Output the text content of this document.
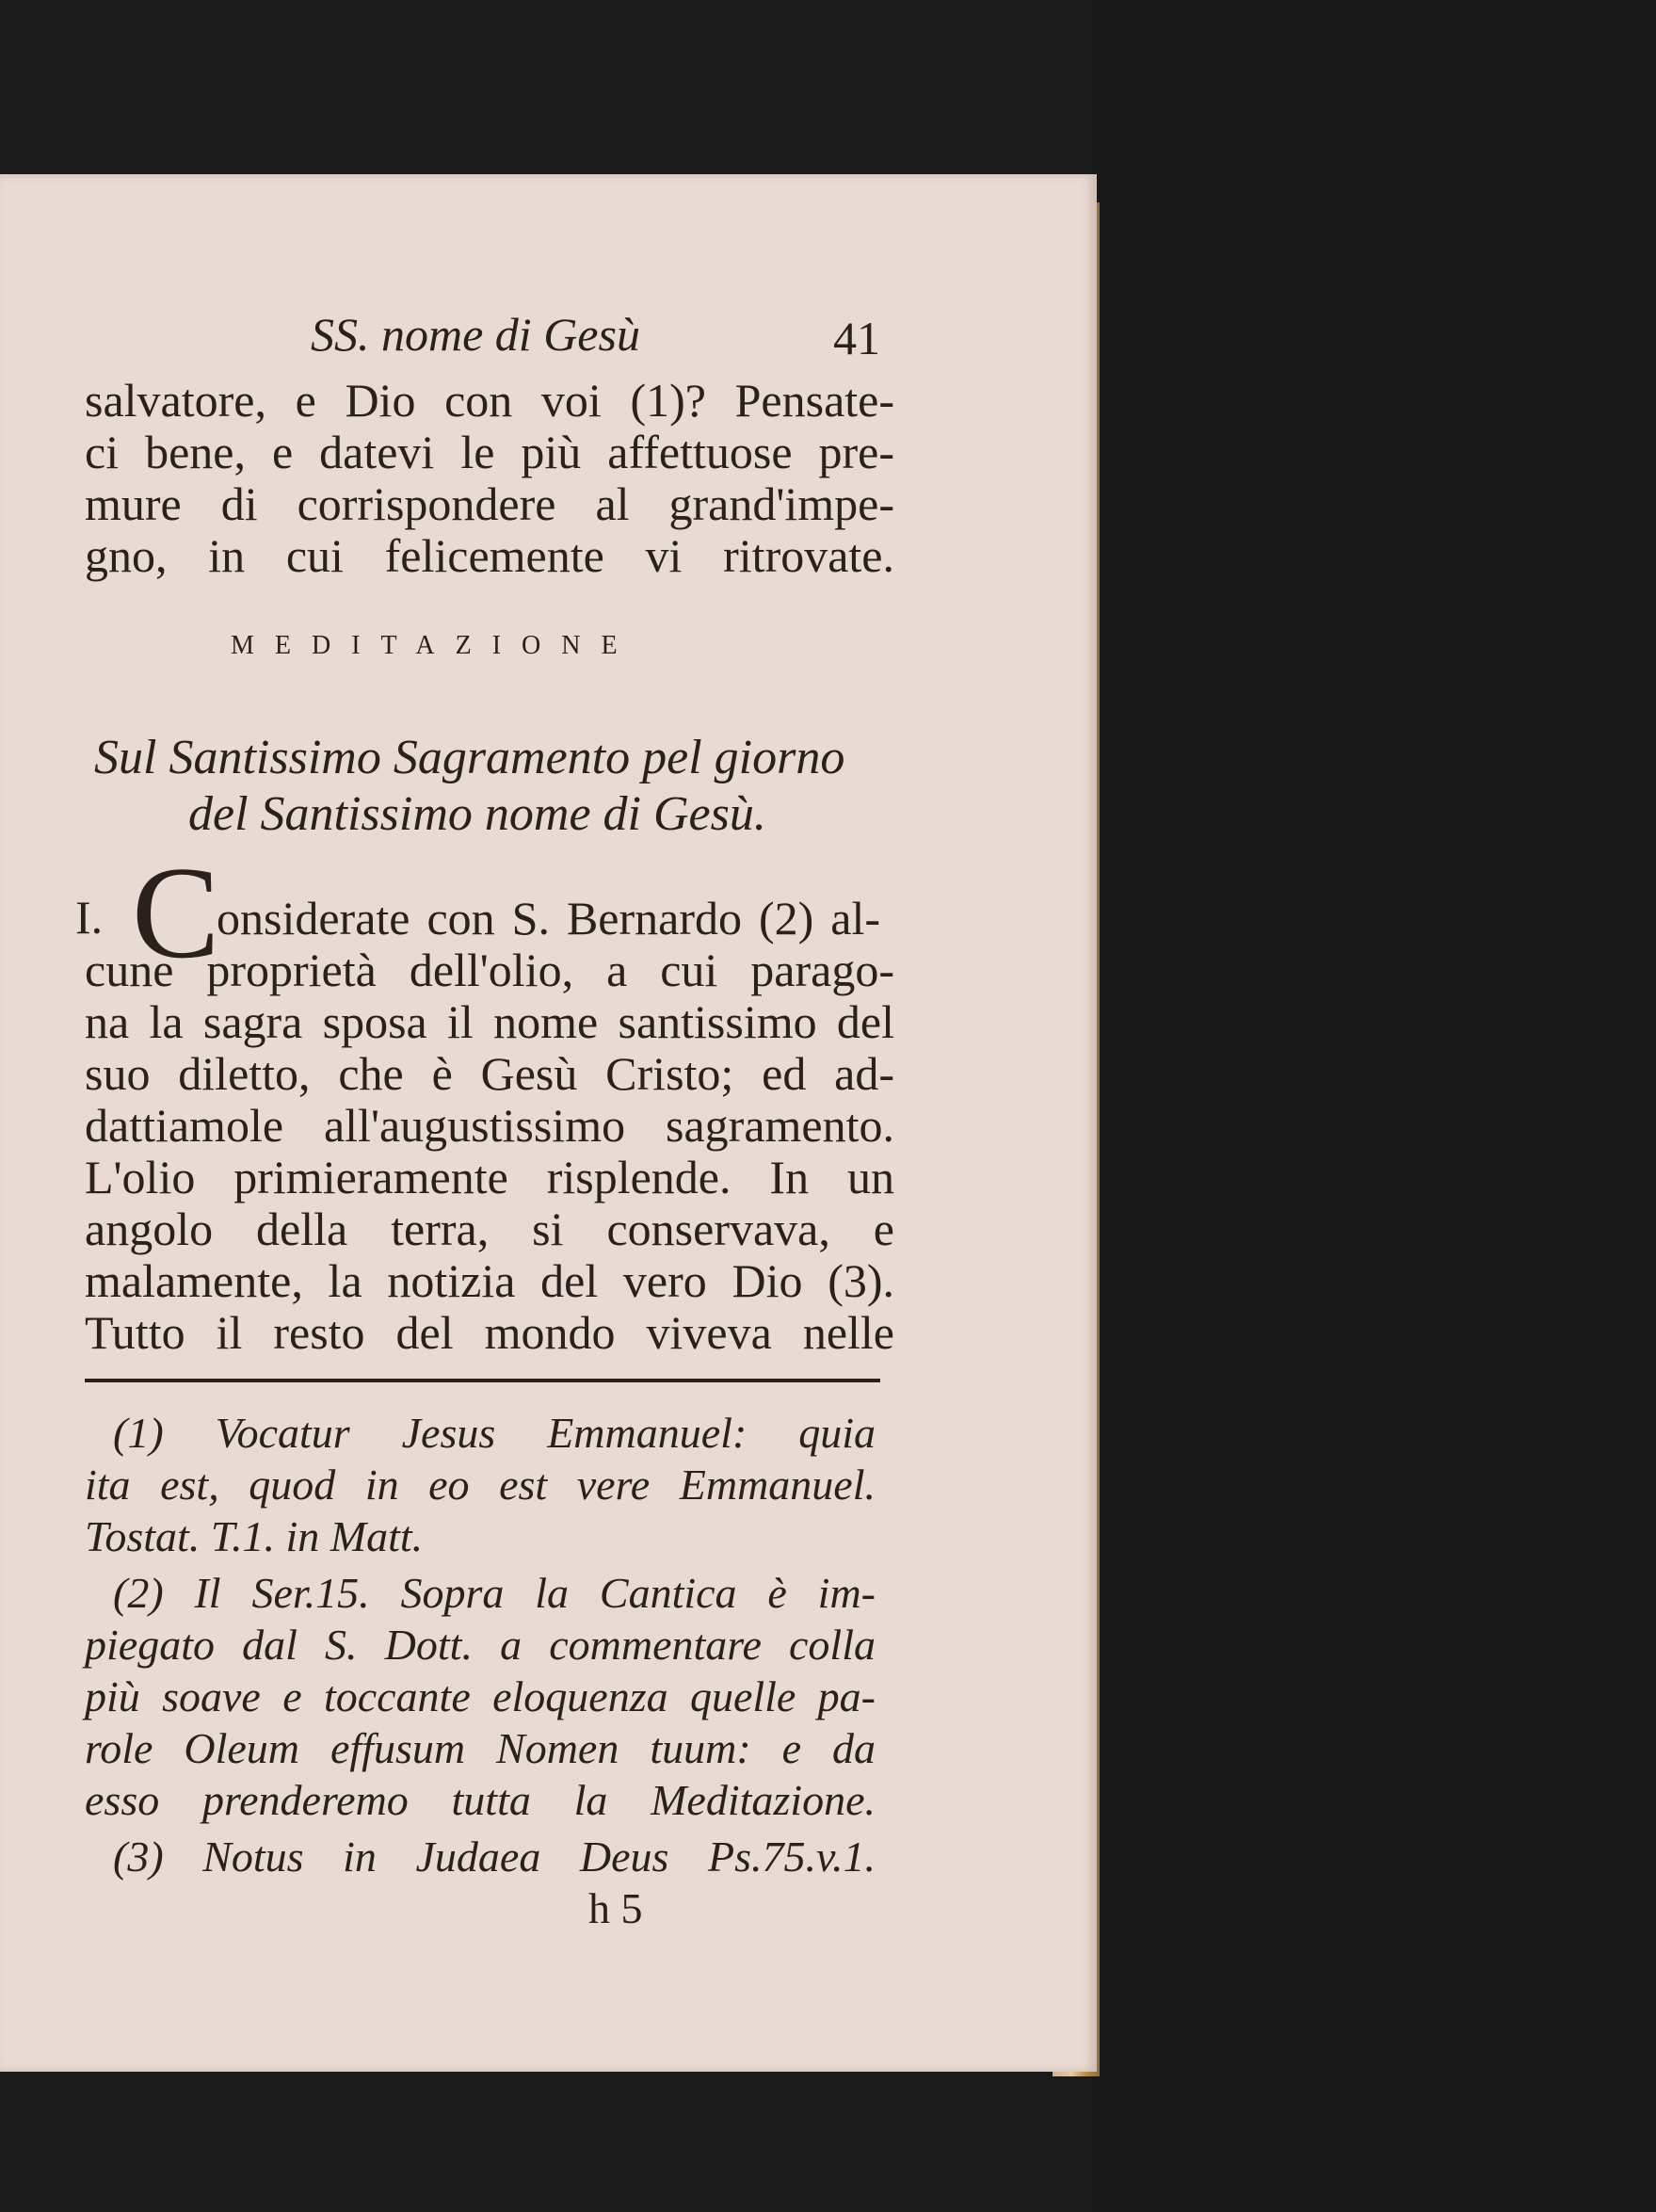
SS. nome di Gesù	41
salvatore, e Dio con voi (1)? Pensate-
ci bene, e datevi le più affettuose pre-
mure di corrispondere al grand'impe-
gno, in cui felicemente vi ritrovate.
MEDITAZIONE
Sul Santissimo Sagramento pel giorno
del Santissimo nome di Gesù.
I. C
onsiderate con S. Bernardo (2) al-
cune proprietà dell'olio, a cui parago-
na la sagra sposa il nome santissimo del
suo diletto, che è Gesù Cristo; ed ad-
dattiamole all'augustissimo sagramento.
L'olio primieramente risplende. In un
angolo della terra, si conservava, e
malamente, la notizia del vero Dio (3).
Tutto il resto del mondo viveva nelle
(1) Vocatur Jesus Emmanuel: quia
ita est, quod in eo est vere Emmanuel.
Tostat. T.1. in Matt.
(2) Il Ser.15. Sopra la Cantica è im-
piegato dal S. Dott. a commentare colla
più soave e toccante eloquenza quelle pa-
role Oleum effusum Nomen tuum: e da
esso prenderemo tutta la Meditazione.
(3) Notus in Judaea Deus Ps.75.v.1.
h 5
